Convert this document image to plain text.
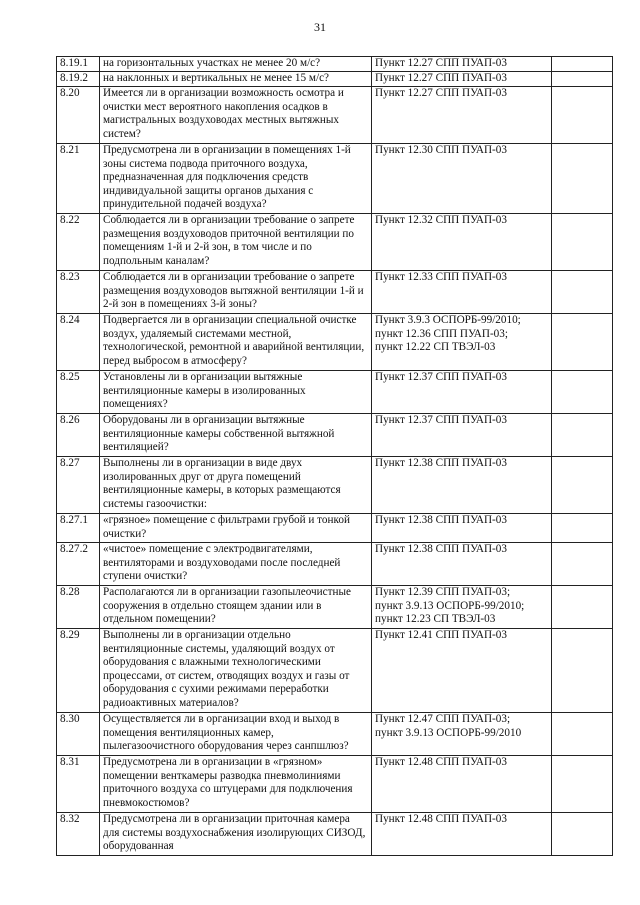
31
8.19.1	на горизонтальных участках не менее 20 м/с?	Пункт 12.27 СПП ПУАП-03	
8.19.2	на наклонных и вертикальных не менее 15 м/с?	Пункт 12.27 СПП ПУАП-03	
8.20	Имеется ли в организации возможность осмотра и очистки мест вероятного накопления осадков в магистральных воздуховодах местных вытяжных систем?	Пункт 12.27 СПП ПУАП-03	
8.21	Предусмотрена ли в организации в помещениях 1-й зоны система подвода приточного воздуха, предназначенная для подключения средств индивидуальной защиты органов дыхания с принудительной подачей воздуха?	Пункт 12.30 СПП ПУАП-03	
8.22	Соблюдается ли в организации требование о запрете размещения воздуховодов приточной вентиляции по помещениям 1-й и 2-й зон, в том числе и по подпольным каналам?	Пункт 12.32 СПП ПУАП-03	
8.23	Соблюдается ли в организации требование о запрете размещения воздуховодов вытяжной вентиляции 1-й и 2-й зон в помещениях 3-й зоны?	Пункт 12.33 СПП ПУАП-03	
8.24	Подвергается ли в организации специальной очистке воздух, удаляемый системами местной, технологической, ремонтной и аварийной вентиляции, перед выбросом в атмосферу?	Пункт 3.9.3 ОСПОРБ-99/2010;
пункт 12.36 СПП ПУАП-03;
пункт 12.22 СП ТВЭЛ-03	
8.25	Установлены ли в организации вытяжные вентиляционные камеры в изолированных помещениях?	Пункт 12.37 СПП ПУАП-03	
8.26	Оборудованы ли в организации вытяжные вентиляционные камеры собственной вытяжной вентиляцией?	Пункт 12.37 СПП ПУАП-03	
8.27	Выполнены ли в организации в виде двух изолированных друг от друга помещений вентиляционные камеры, в которых размещаются системы газоочистки:	Пункт 12.38 СПП ПУАП-03	
8.27.1	«грязное» помещение с фильтрами грубой и тонкой очистки?	Пункт 12.38 СПП ПУАП-03	
8.27.2	«чистое» помещение с электродвигателями, вентиляторами и воздуховодами после последней ступени очистки?	Пункт 12.38 СПП ПУАП-03	
8.28	Располагаются ли в организации газопылеочистные сооружения в отдельно стоящем здании или в отдельном помещении?	Пункт 12.39 СПП ПУАП-03;
пункт 3.9.13 ОСПОРБ-99/2010;
пункт 12.23 СП ТВЭЛ-03	
8.29	Выполнены ли в организации отдельно вентиляционные системы, удаляющий воздух от оборудования с влажными технологическими процессами, от систем, отводящих воздух и газы от оборудования с сухими режимами переработки радиоактивных материалов?	Пункт 12.41 СПП ПУАП-03	
8.30	Осуществляется ли в организации вход и выход в помещения вентиляционных камер, пылегазоочистного оборудования через санпшлюз?	Пункт 12.47 СПП ПУАП-03;
пункт 3.9.13 ОСПОРБ-99/2010	
8.31	Предусмотрена ли в организации в «грязном» помещении венткамеры разводка пневмолиниями приточного воздуха со штуцерами для подключения пневмокостюмов?	Пункт 12.48 СПП ПУАП-03	
8.32	Предусмотрена ли в организации приточная камера для системы воздухоснабжения изолирующих СИЗОД, оборудованная	Пункт 12.48 СПП ПУАП-03	
